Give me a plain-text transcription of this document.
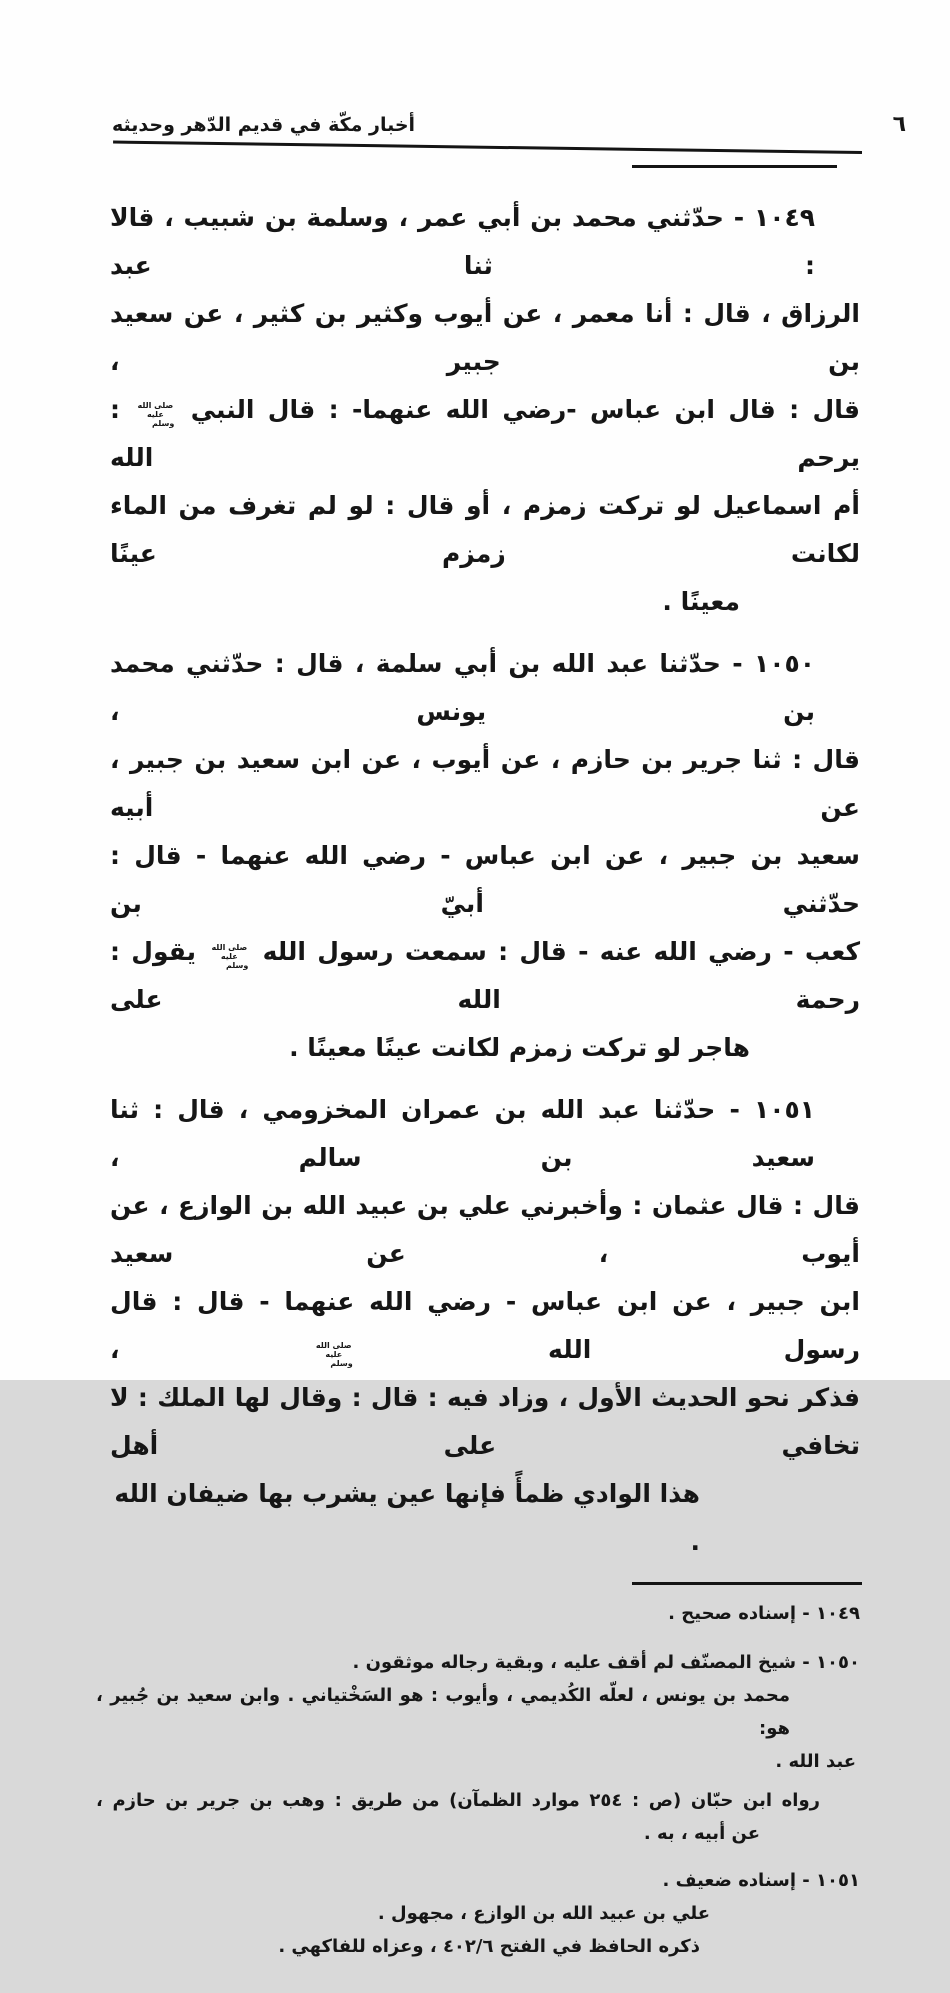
أخبار مكّة في قديم الدّهر وحديثه	٦
١٠٤٩ - حدّثني محمد بن أبي عمر ، وسلمة بن شبيب ، قالا : ثنا عبد
الرزاق ، قال : أنا معمر ، عن أيوب وكثير بن كثير ، عن سعيد بن جبير ،
قال : قال ابن عباس -رضي الله عنهما- : قال النبي صلى الله عليه وسلم : يرحم الله
أم اسماعيل لو تركت زمزم ، أو قال : لو لم تغرف من الماء لكانت زمزم عينًا
معينًا .
١٠٥٠ - حدّثنا عبد الله بن أبي سلمة ، قال : حدّثني محمد بن يونس ،
قال : ثنا جرير بن حازم ، عن أيوب ، عن ابن سعيد بن جبير ، عن أبيه
سعيد بن جبير ، عن ابن عباس - رضي الله عنهما - قال : حدّثني أبيّ بن
كعب - رضي الله عنه - قال : سمعت رسول الله صلى الله عليه وسلم يقول : رحمة الله على
هاجر لو تركت زمزم لكانت عينًا معينًا .
١٠٥١ - حدّثنا عبد الله بن عمران المخزومي ، قال : ثنا سعيد بن سالم ،
قال : قال عثمان : وأخبرني علي بن عبيد الله بن الوازع ، عن أيوب ، عن سعيد
ابن جبير ، عن ابن عباس - رضي الله عنهما - قال : قال رسول الله صلى الله عليه وسلم ،
فذكر نحو الحديث الأول ، وزاد فيه : قال : وقال لها الملك : لا تخافي على أهل
هذا الوادي ظمأً فإنها عين يشرب بها ضيفان الله .
١٠٤٩ - إسناده صحيح .
١٠٥٠ - شيخ المصنّف لم أقف عليه ، وبقية رجاله موثقون .
محمد بن يونس ، لعلّه الكُديمي ، وأيوب : هو السَخْتياني . وابن سعيد بن جُبير ، هو:
عبد الله .
رواه ابن حبّان (ص : ٢٥٤ موارد الظمآن) من طريق : وهب بن جرير بن حازم ،
عن أبيه ، به .
١٠٥١ - إسناده ضعيف .
علي بن عبيد الله بن الوازع ، مجهول .
ذكره الحافظ في الفتح ٤٠٢/٦ ، وعزاه للفاكهي .
